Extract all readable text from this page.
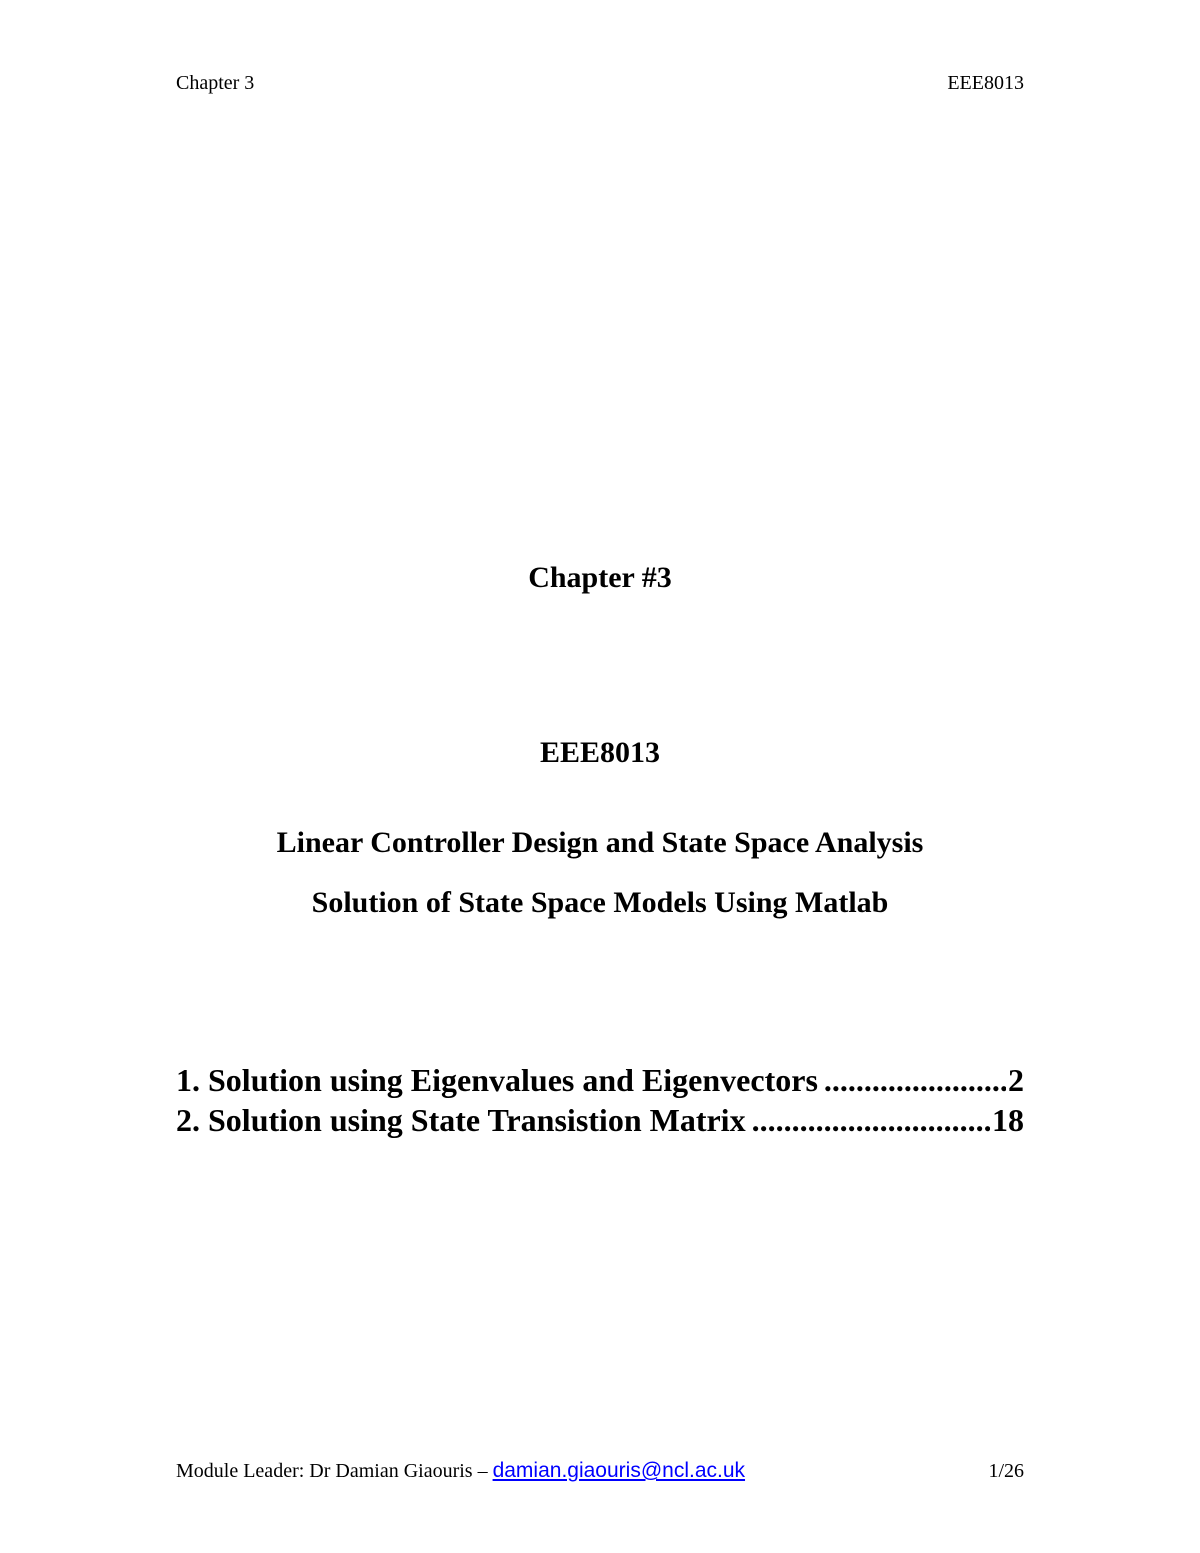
Chapter 3	EEE8013
Chapter #3
EEE8013
Linear Controller Design and State Space Analysis
Solution of State Space Models Using Matlab
1. Solution using Eigenvalues and Eigenvectors .....	2
2. Solution using State Transistion Matrix .....	18
Module Leader: Dr Damian Giaouris – damian.giaouris@ncl.ac.uk	1/26
